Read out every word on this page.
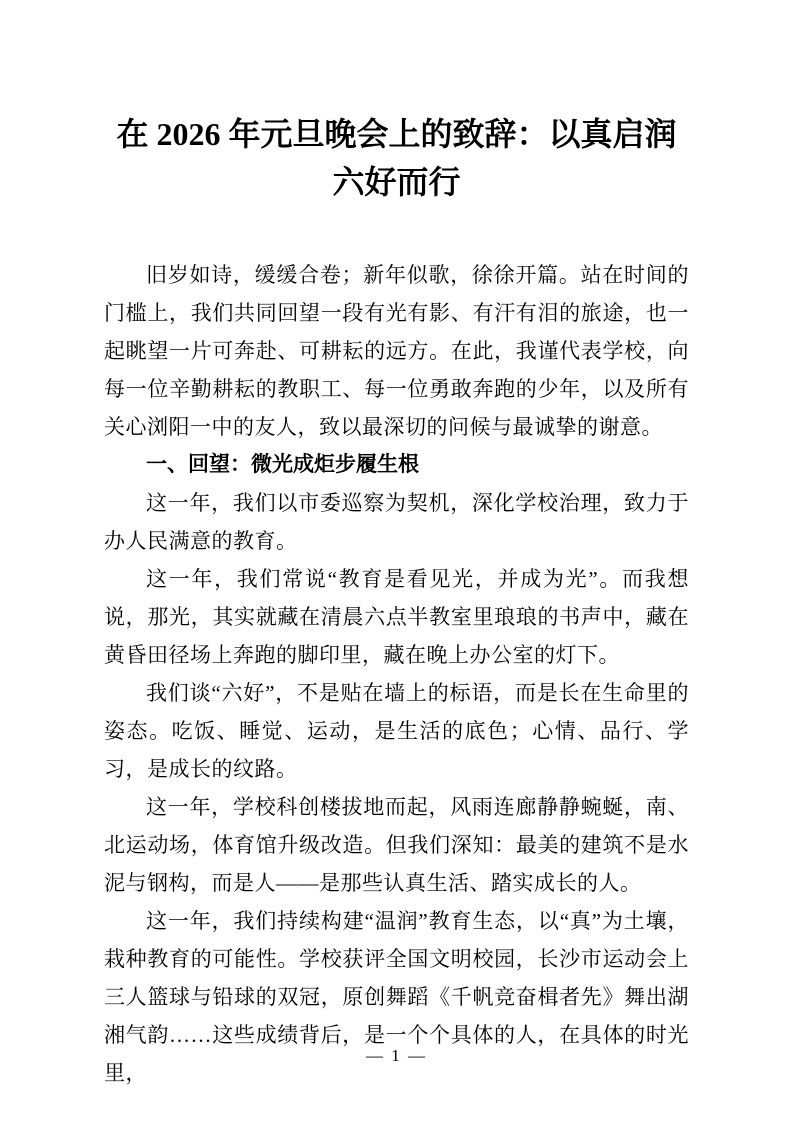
在 2026 年元旦晚会上的致辞：以真启润六好而行

旧岁如诗，缓缓合卷；新年似歌，徐徐开篇。站在时间的门槛上，我们共同回望一段有光有影、有汗有泪的旅途，也一起眺望一片可奔赴、可耕耘的远方。在此，我谨代表学校，向每一位辛勤耕耘的教职工、每一位勇敢奔跑的少年，以及所有关心浏阳一中的友人，致以最深切的问候与最诚挚的谢意。

一、回望：微光成炬步履生根

这一年，我们以市委巡察为契机，深化学校治理，致力于办人民满意的教育。

这一年，我们常说“教育是看见光，并成为光”。而我想说，那光，其实就藏在清晨六点半教室里琅琅的书声中，藏在黄昏田径场上奔跑的脚印里，藏在晚上办公室的灯下。

我们谈“六好”，不是贴在墙上的标语，而是长在生命里的姿态。吃饭、睡觉、运动，是生活的底色；心情、品行、学习，是成长的纹路。

这一年，学校科创楼拔地而起，风雨连廊静静蜿蜒，南、北运动场，体育馆升级改造。但我们深知：最美的建筑不是水泥与钢构，而是人——是那些认真生活、踏实成长的人。

这一年，我们持续构建“温润”教育生态，以“真”为土壤，栽种教育的可能性。学校获评全国文明校园，长沙市运动会上三人篮球与铅球的双冠，原创舞蹈《千帆竞奋楫者先》舞出湖湘气韵……这些成绩背后，是一个个具体的人，在具体的时光里，

— 1 —
